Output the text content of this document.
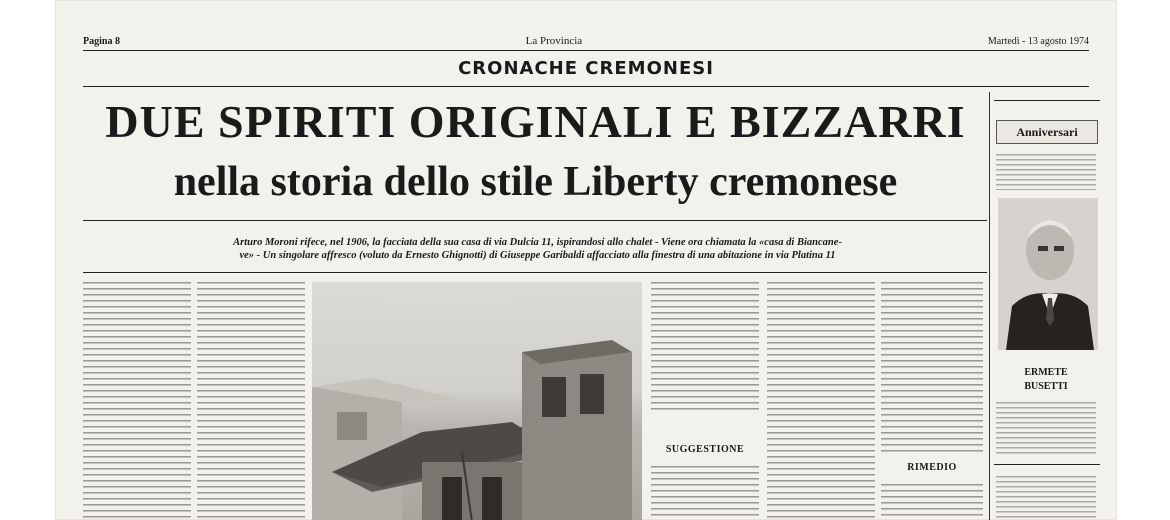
Pagina 8	La Provincia	Martedì - 13 agosto 1974
CRONACHE CREMONESI
DUE SPIRITI ORIGINALI E BIZZARRI
nella storia dello stile Liberty cremonese
Arturo Moroni rifece, nel 1906, la facciata della sua casa di via Dulcia 11, ispirandosi allo chalet - Viene ora chiamata la «casa di Biancane-
ve» - Un singolare affresco (voluto da Ernesto Ghignotti) di Giuseppe Garibaldi affacciato alla finestra di una abitazione in via Platina 11
SUGGESTIONE
RIMEDIO
Anniversari
ERMETE
BUSETTI
